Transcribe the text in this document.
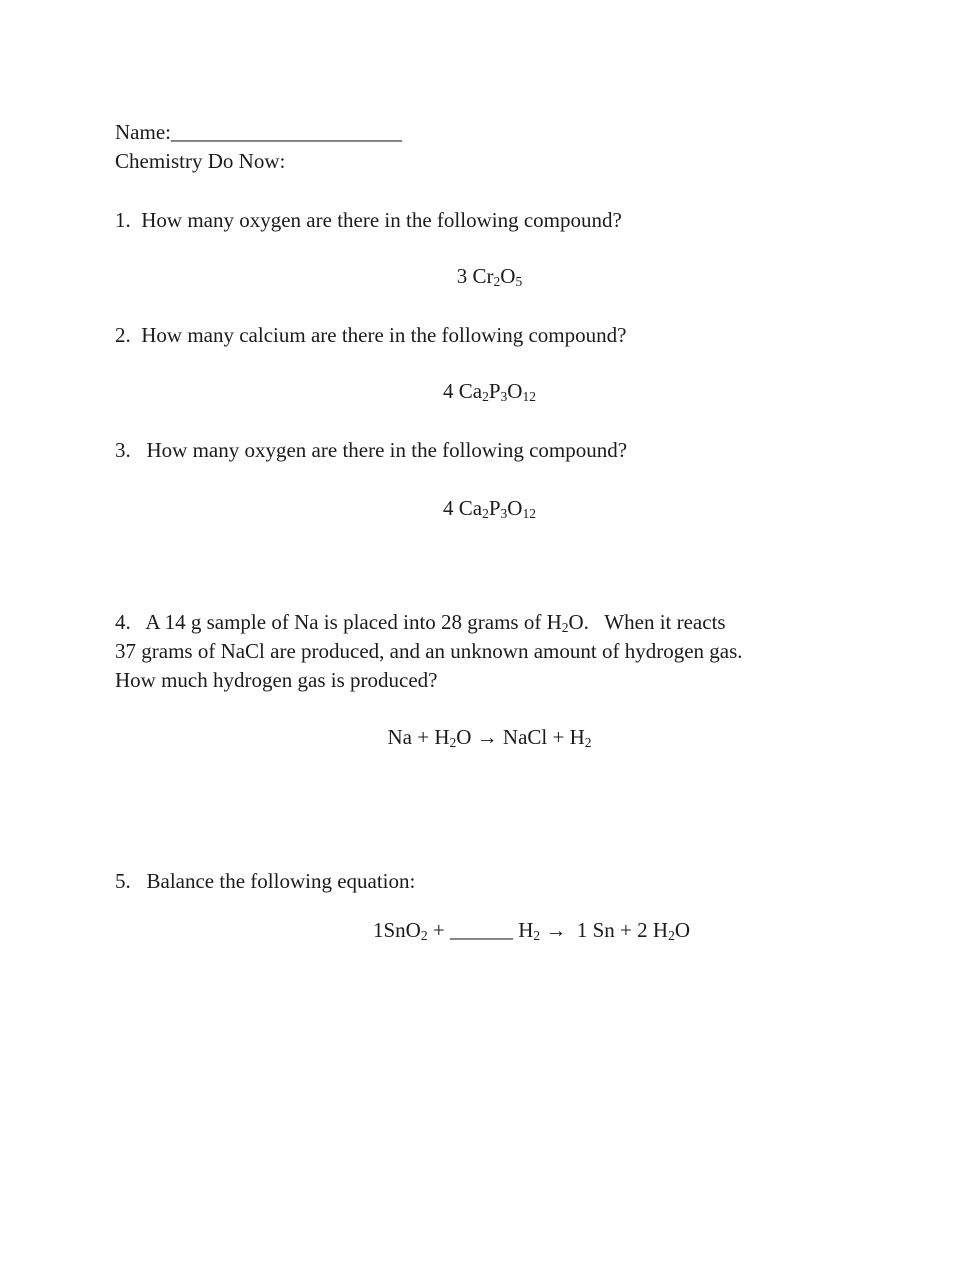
Name:______________________
Chemistry Do Now:
1.  How many oxygen are there in the following compound?
3 $Cr_2O_5$
2.  How many calcium are there in the following compound?
4 $Ca_2P_3O_{12}$
3.   How many oxygen are there in the following compound?
4 $Ca_2P_3O_{12}$
4.   A 14 g sample of Na is placed into 28 grams of $H_2O$.   When it reacts
37 grams of NaCl are produced, and an unknown amount of hydrogen gas.
How much hydrogen gas is produced?
$Na + H_2O$ → NaCl + $H_2$
5.   Balance the following equation:
1SnO$_2$ + ______ $H_2 \to 1$ Sn + 2 $H_2O$
